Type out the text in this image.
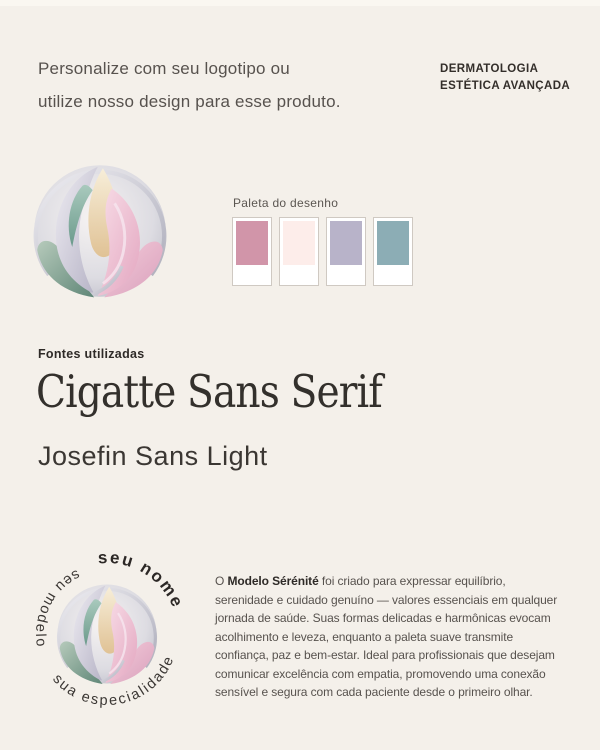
Personalize com seu logotipo ou
utilize nosso design para esse produto.
DERMATOLOGIA
ESTÉTICA AVANÇADA
Paleta do desenho
Fontes utilizadas
Cigatte Sans Serif
Josefin Sans Light
seu nome
seu modelo
sua especialidade

O Modelo Sérénité foi criado para expressar equilíbrio, serenidade e cuidado genuíno — valores essenciais em qualquer jornada de saúde. Suas formas delicadas e harmônicas evocam acolhimento e leveza, enquanto a paleta suave transmite confiança, paz e bem-estar. Ideal para profissionais que desejam comunicar excelência com empatia, promovendo uma conexão sensível e segura com cada paciente desde o primeiro olhar.
